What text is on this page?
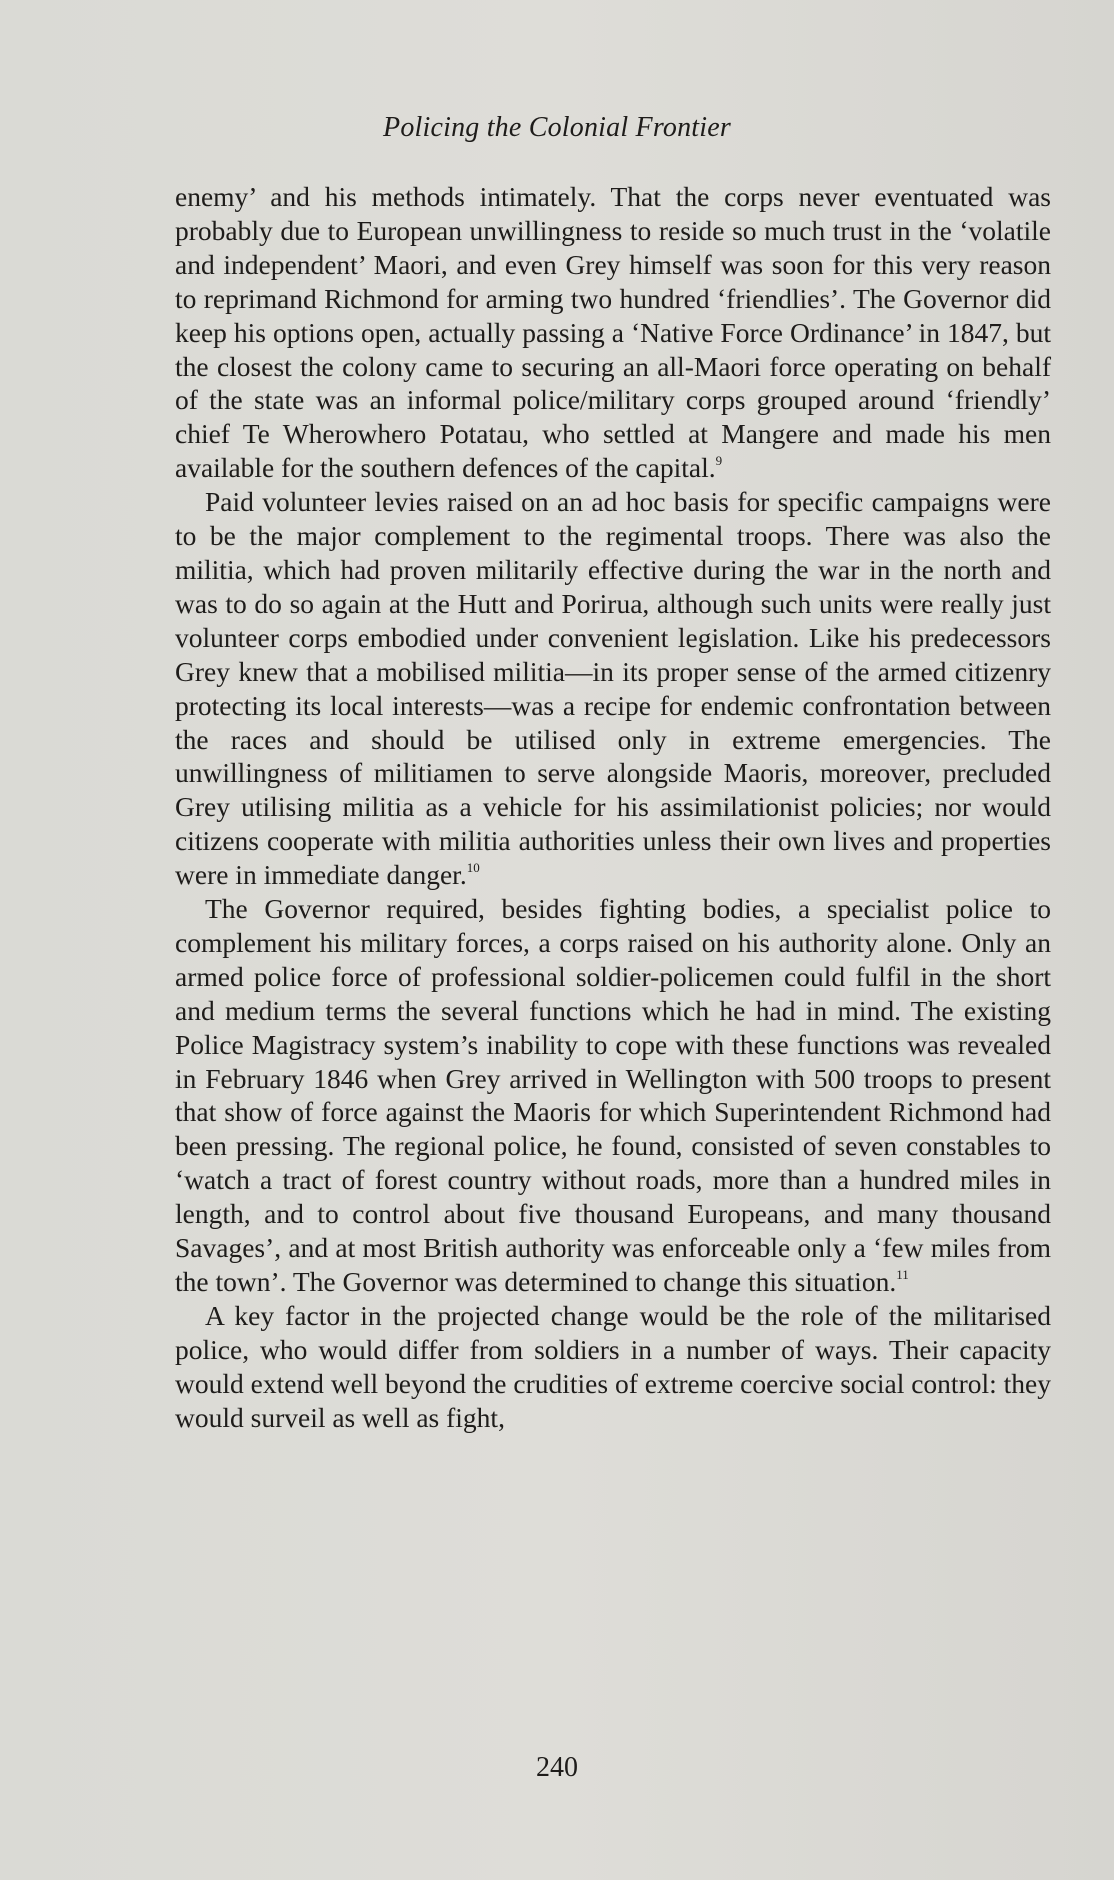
Policing the Colonial Frontier

enemy’ and his methods intimately. That the corps never eventuated was probably due to European unwillingness to reside so much trust in the ‘volatile and independent’ Maori, and even Grey himself was soon for this very reason to reprimand Richmond for arming two hundred ‘friendlies’. The Governor did keep his options open, actually passing a ‘Native Force Ordinance’ in 1847, but the closest the colony came to securing an all-Maori force operating on behalf of the state was an informal police/military corps grouped around ‘friendly’ chief Te Wherowhero Potatau, who settled at Mangere and made his men available for the southern defences of the capital.$^9$

Paid volunteer levies raised on an ad hoc basis for specific campaigns were to be the major complement to the regimental troops. There was also the militia, which had proven militarily effective during the war in the north and was to do so again at the Hutt and Porirua, although such units were really just volunteer corps embodied under convenient legislation. Like his predecessors Grey knew that a mobilised militia—in its proper sense of the armed citizenry protecting its local interests—was a recipe for endemic confrontation between the races and should be utilised only in extreme emergencies. The unwillingness of militiamen to serve alongside Maoris, moreover, precluded Grey utilising militia as a vehicle for his assimilationist policies; nor would citizens cooperate with militia authorities unless their own lives and properties were in immediate danger.$^{10}$

The Governor required, besides fighting bodies, a specialist police to complement his military forces, a corps raised on his authority alone. Only an armed police force of professional soldier-policemen could fulfil in the short and medium terms the several functions which he had in mind. The existing Police Magistracy system’s inability to cope with these functions was revealed in February 1846 when Grey arrived in Wellington with 500 troops to present that show of force against the Maoris for which Superintendent Richmond had been pressing. The regional police, he found, consisted of seven constables to ‘watch a tract of forest country without roads, more than a hundred miles in length, and to control about five thousand Europeans, and many thousand Savages’, and at most British authority was enforceable only a ‘few miles from the town’. The Governor was determined to change this situation.$^{11}$

A key factor in the projected change would be the role of the militarised police, who would differ from soldiers in a number of ways. Their capacity would extend well beyond the crudities of extreme coercive social control: they would surveil as well as fight,

240
